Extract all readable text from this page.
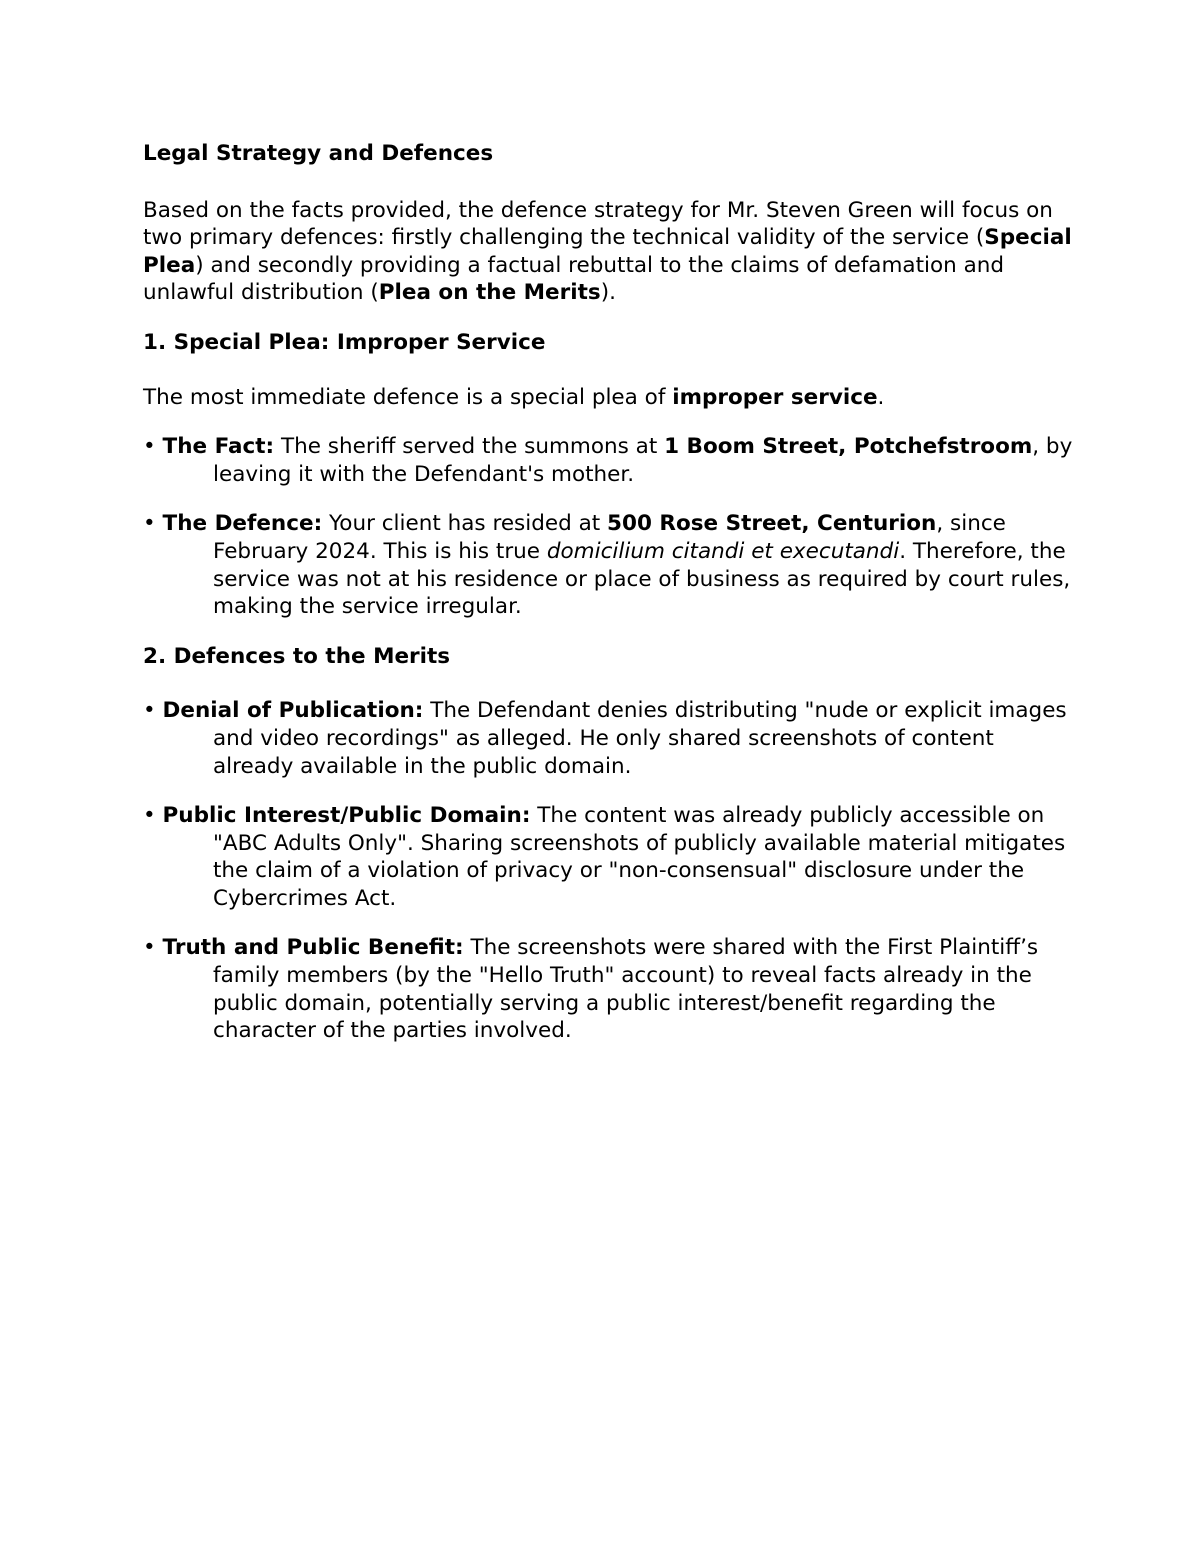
Legal Strategy and Defences

Based on the facts provided, the defence strategy for Mr. Steven Green will focus on two primary defences: firstly challenging the technical validity of the service (Special Plea) and secondly providing a factual rebuttal to the claims of defamation and unlawful distribution (Plea on the Merits).

1. Special Plea: Improper Service

The most immediate defence is a special plea of improper service.

• The Fact: The sheriff served the summons at 1 Boom Street, Potchefstroom, by leaving it with the Defendant's mother.

• The Defence: Your client has resided at 500 Rose Street, Centurion, since February 2024. This is his true domicilium citandi et executandi. Therefore, the service was not at his residence or place of business as required by court rules, making the service irregular.

2. Defences to the Merits

• Denial of Publication: The Defendant denies distributing "nude or explicit images and video recordings" as alleged. He only shared screenshots of content already available in the public domain.

• Public Interest/Public Domain: The content was already publicly accessible on "ABC Adults Only". Sharing screenshots of publicly available material mitigates the claim of a violation of privacy or "non-consensual" disclosure under the Cybercrimes Act.

• Truth and Public Benefit: The screenshots were shared with the First Plaintiff’s family members (by the "Hello Truth" account) to reveal facts already in the public domain, potentially serving a public interest/benefit regarding the character of the parties involved.
